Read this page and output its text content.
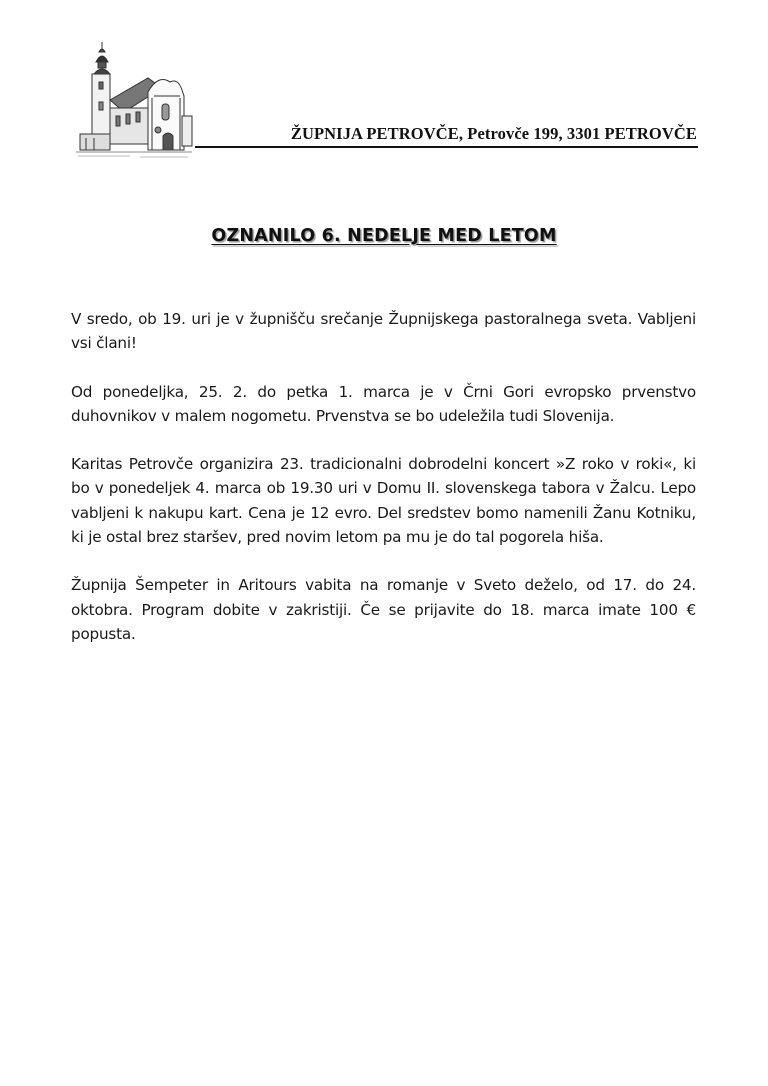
ŽUPNIJA PETROVČE, Petrovče 199, 3301 PETROVČE
OZNANILO 6. NEDELJE MED LETOM

V sredo, ob 19. uri je v župnišču srečanje Župnijskega pastoralnega sveta. Vabljeni vsi člani!

Od ponedeljka, 25. 2. do petka 1. marca je v Črni Gori evropsko prvenstvo duhovnikov v malem nogometu. Prvenstva se bo udeležila tudi Slovenija.

Karitas Petrovče organizira 23. tradicionalni dobrodelni koncert »Z roko v roki«, ki bo v ponedeljek 4. marca ob 19.30 uri v Domu II. slovenskega tabora v Žalcu. Lepo vabljeni k nakupu kart. Cena je 12 evro. Del sredstev bomo namenili Žanu Kotniku, ki je ostal brez staršev, pred novim letom pa mu je do tal pogorela hiša.

Župnija Šempeter in Aritours vabita na romanje v Sveto deželo, od 17. do 24. oktobra. Program dobite v zakristiji. Če se prijavite do 18. marca imate 100 € popusta.
